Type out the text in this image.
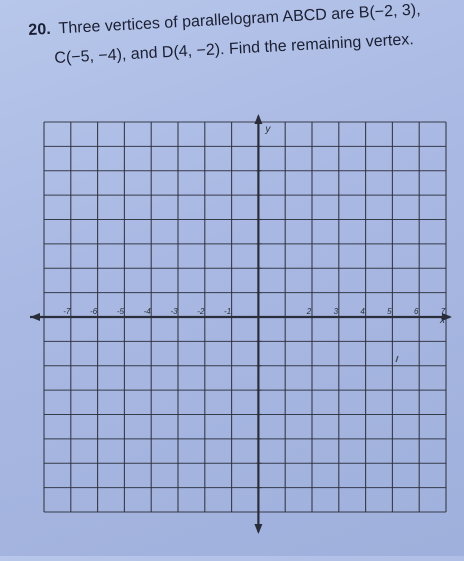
20. Three vertices of parallelogram ABCD are B(−2, 3),
C(−5, −4), and D(4, −2). Find the remaining vertex.
x
y
-7 -6 -5 -4 -3 -2 -1	2	3	4	5	6	7
